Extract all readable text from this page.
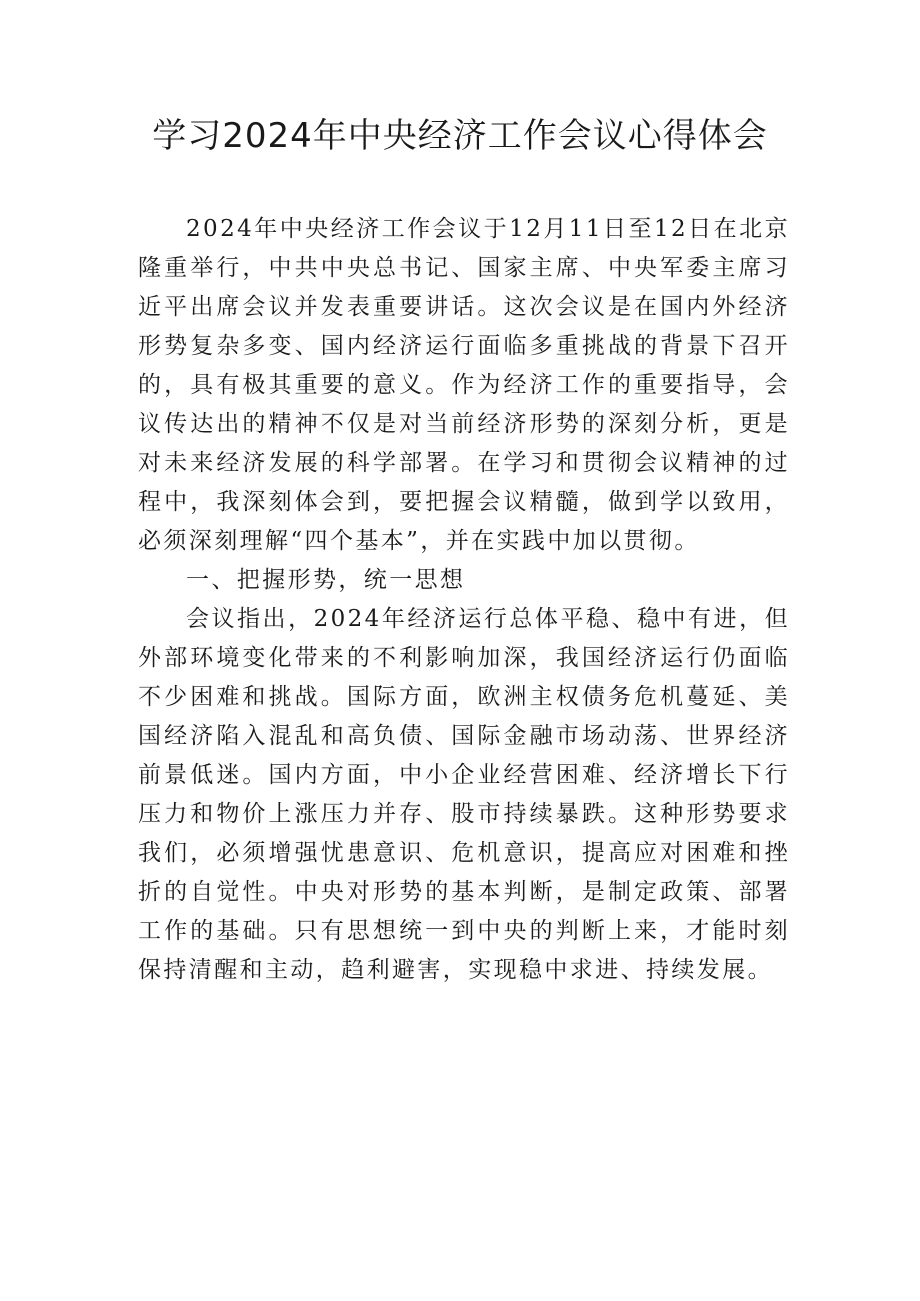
学习2024年中央经济工作会议心得体会

2024年中央经济工作会议于12月11日至12日在北京隆重举行，中共中央总书记、国家主席、中央军委主席习近平出席会议并发表重要讲话。这次会议是在国内外经济形势复杂多变、国内经济运行面临多重挑战的背景下召开的，具有极其重要的意义。作为经济工作的重要指导，会议传达出的精神不仅是对当前经济形势的深刻分析，更是对未来经济发展的科学部署。在学习和贯彻会议精神的过程中，我深刻体会到，要把握会议精髓，做到学以致用，必须深刻理解“四个基本”，并在实践中加以贯彻。

一、把握形势，统一思想

会议指出，2024年经济运行总体平稳、稳中有进，但外部环境变化带来的不利影响加深，我国经济运行仍面临不少困难和挑战。国际方面，欧洲主权债务危机蔓延、美国经济陷入混乱和高负债、国际金融市场动荡、世界经济前景低迷。国内方面，中小企业经营困难、经济增长下行压力和物价上涨压力并存、股市持续暴跌。这种形势要求我们，必须增强忧患意识、危机意识，提高应对困难和挫折的自觉性。中央对形势的基本判断，是制定政策、部署工作的基础。只有思想统一到中央的判断上来，才能时刻保持清醒和主动，趋利避害，实现稳中求进、持续发展。
